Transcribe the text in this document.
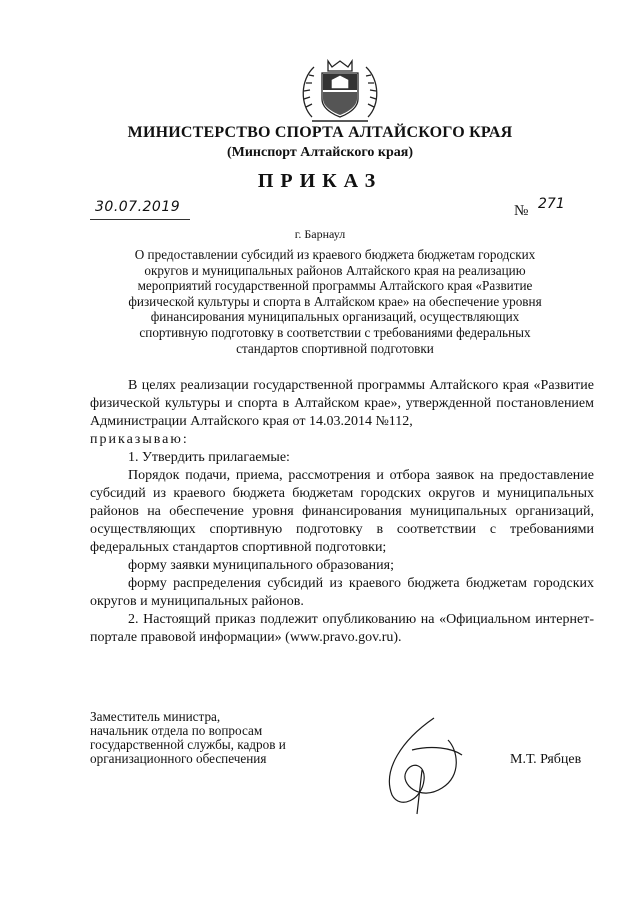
МИНИСТЕРСТВО СПОРТА АЛТАЙСКОГО КРАЯ
(Минспорт Алтайского края)
ПРИКАЗ
30.07.2019	№ 271
г. Барнаул
О предоставлении субсидий из краевого бюджета бюджетам городских
округов и муниципальных районов Алтайского края на реализацию
мероприятий государственной программы Алтайского края «Развитие
физической культуры и спорта в Алтайском крае» на обеспечение уровня
финансирования муниципальных организаций, осуществляющих
спортивную подготовку в соответствии с требованиями федеральных
стандартов спортивной подготовки

В целях реализации государственной программы Алтайского края «Развитие физической культуры и спорта в Алтайском крае», утвержденной постановлением Администрации Алтайского края от 14.03.2014 №112,

приказываю:

1. Утвердить прилагаемые:

Порядок подачи, приема, рассмотрения и отбора заявок на предоставление субсидий из краевого бюджета бюджетам городских округов и муниципальных районов на обеспечение уровня финансирования муниципальных организаций, осуществляющих спортивную подготовку в соответствии с требованиями федеральных стандартов спортивной подготовки;

форму заявки муниципального образования;

форму распределения субсидий из краевого бюджета бюджетам городских округов и муниципальных районов.

2. Настоящий приказ подлежит опубликованию на «Официальном интернет-портале правовой информации» (www.pravo.gov.ru).

Заместитель министра,
начальник отдела по вопросам
государственной службы, кадров и
организационного обеспечения	М.Т. Рябцев
